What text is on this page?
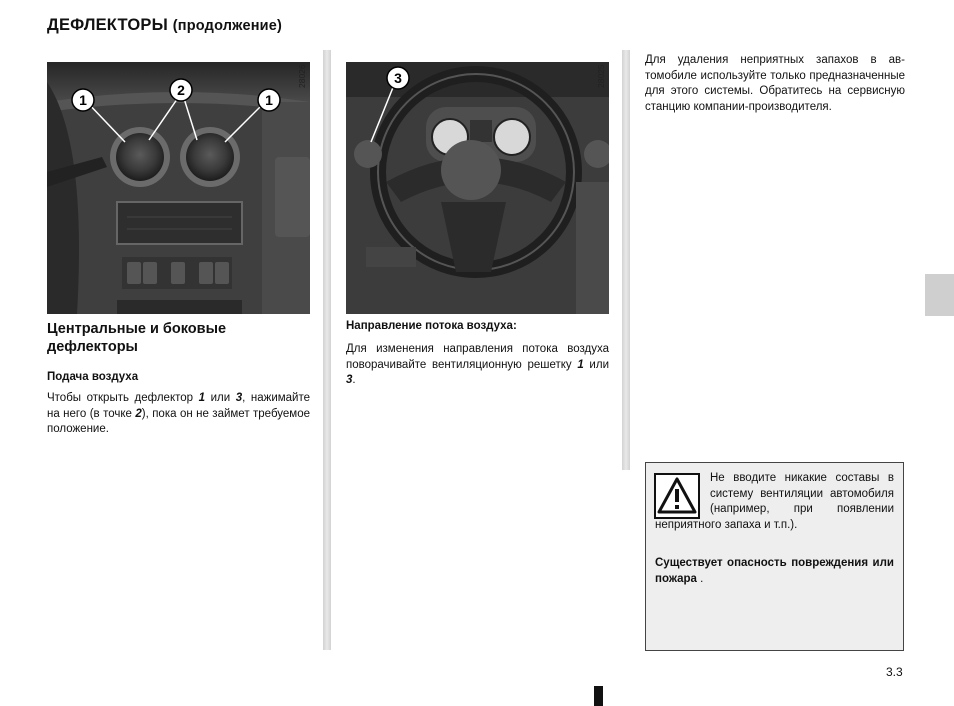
ДЕФЛЕКТОРЫ (продолжение)
1
2
1
28026	3	28025
Центральные и боковые дефлекторы
Подача воздуха
Чтобы открыть дефлектор 1 или 3, нажимайте на него (в точке 2), пока он не займет требуемое положение.
Направление потока воздуха:
Для изменения направления потока воздуха поворачивайте вентиляционную решетку 1 или 3.
Для удаления неприятных запахов в автомобиле используйте только предназначенные для этого системы. Обратитесь на сервисную станцию компании-производителя.
Не вводите никакие составы в систему вентиляции автомобиля (например, при появлении неприятного запаха и т.п.).
Существует опасность повреждения или пожара .
3.3
